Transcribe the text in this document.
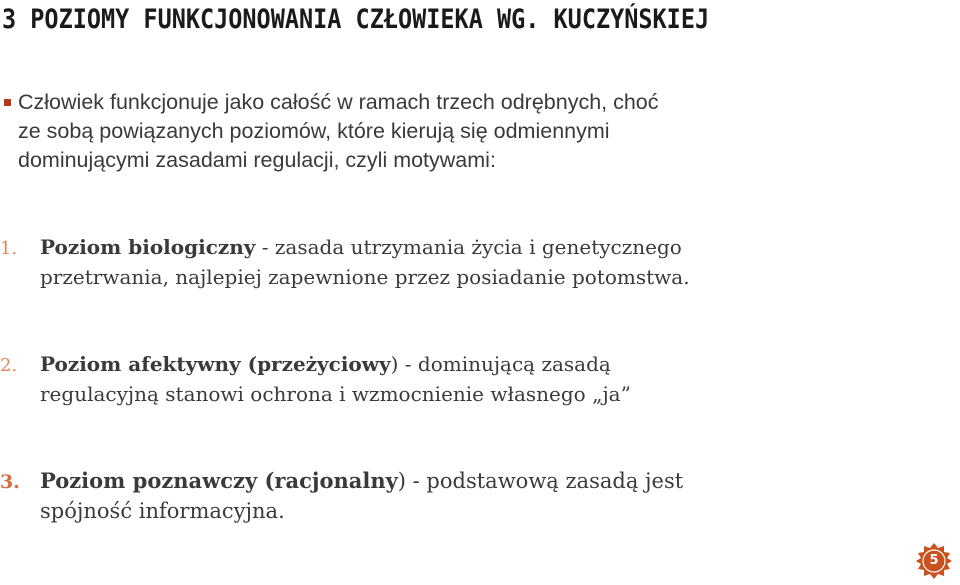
3 POZIOMY FUNKCJONOWANIA CZŁOWIEKA WG. KUCZYŃSKIEJ
Człowiek funkcjonuje jako całość w ramach trzech odrębnych, choć
ze sobą powiązanych poziomów, które kierują się odmiennymi
dominującymi zasadami regulacji, czyli motywami:
1. Poziom biologiczny - zasada utrzymania życia i genetycznego
przetrwania, najlepiej zapewnione przez posiadanie potomstwa.
2. Poziom afektywny (przeżyciowy) - dominującą zasadą
regulacyjną stanowi ochrona i wzmocnienie własnego „ja”
3. Poziom poznawczy (racjonalny) - podstawową zasadą jest
spójność informacyjna.
5
